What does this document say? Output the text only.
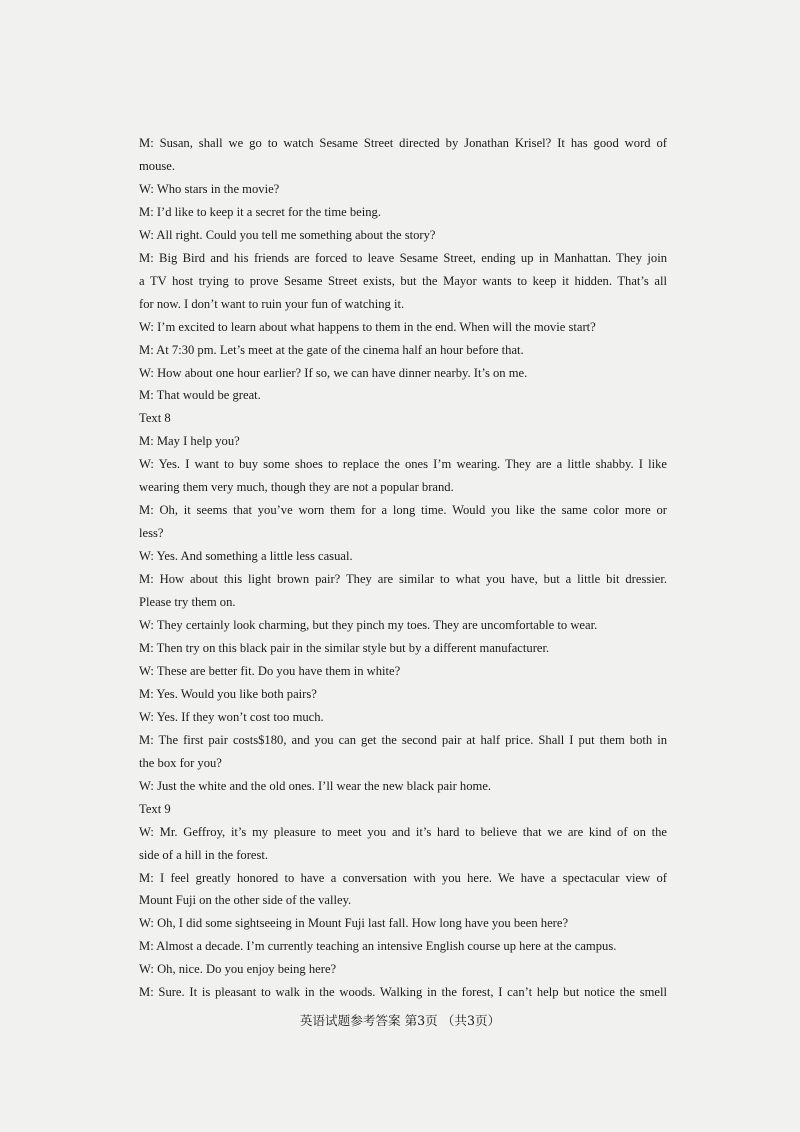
M: Susan, shall we go to watch Sesame Street directed by Jonathan Krisel? It has good word of
mouse.
W: Who stars in the movie?
M: I’d like to keep it a secret for the time being.
W: All right. Could you tell me something about the story?
M: Big Bird and his friends are forced to leave Sesame Street, ending up in Manhattan. They join
a TV host trying to prove Sesame Street exists, but the Mayor wants to keep it hidden. That’s all
for now. I don’t want to ruin your fun of watching it.
W: I’m excited to learn about what happens to them in the end. When will the movie start?
M: At 7:30 pm. Let’s meet at the gate of the cinema half an hour before that.
W: How about one hour earlier? If so, we can have dinner nearby. It’s on me.
M: That would be great.
Text 8
M: May I help you?
W: Yes. I want to buy some shoes to replace the ones I’m wearing. They are a little shabby. I like
wearing them very much, though they are not a popular brand.
M: Oh, it seems that you’ve worn them for a long time. Would you like the same color more or
less?
W: Yes. And something a little less casual.
M: How about this light brown pair? They are similar to what you have, but a little bit dressier.
Please try them on.
W: They certainly look charming, but they pinch my toes. They are uncomfortable to wear.
M: Then try on this black pair in the similar style but by a different manufacturer.
W: These are better fit. Do you have them in white?
M: Yes. Would you like both pairs?
W: Yes. If they won’t cost too much.
M: The first pair costs$180, and you can get the second pair at half price. Shall I put them both in
the box for you?
W: Just the white and the old ones. I’ll wear the new black pair home.
Text 9
W: Mr. Geffroy, it’s my pleasure to meet you and it’s hard to believe that we are kind of on the
side of a hill in the forest.
M: I feel greatly honored to have a conversation with you here. We have a spectacular view of
Mount Fuji on the other side of the valley.
W: Oh, I did some sightseeing in Mount Fuji last fall. How long have you been here?
M: Almost a decade. I’m currently teaching an intensive English course up here at the campus.
W: Oh, nice. Do you enjoy being here?
M: Sure. It is pleasant to walk in the woods. Walking in the forest, I can’t help but notice the smell
英语试题参考答案 第3页 （共3页）
